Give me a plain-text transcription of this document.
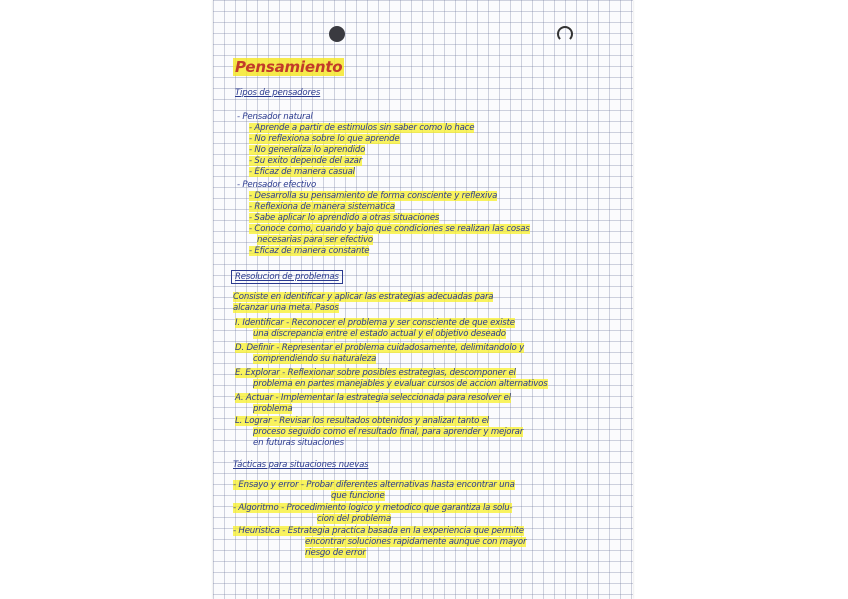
Pensamiento
Tipos de pensadores
- Pensador natural
- Aprende a partir de estimulos sin saber como lo hace
- No reflexiona sobre lo que aprende
- No generaliza lo aprendido
- Su exito depende del azar
- Eficaz de manera casual
- Pensador efectivo
- Desarrolla su pensamiento de forma consciente y reflexiva
- Reflexiona de manera sistematica
- Sabe aplicar lo aprendido a otras situaciones
- Conoce como, cuando y bajo que condiciones se realizan las cosas
necesarias para ser efectivo
- Eficaz de manera constante
Resolucion de problemas
Consiste en identificar y aplicar las estrategias adecuadas para
alcanzar una meta. Pasos
I. Identificar - Reconocer el problema y ser consciente de que existe
una discrepancia entre el estado actual y el objetivo deseado
D. Definir - Representar el problema cuidadosamente, delimitandolo y
comprendiendo su naturaleza
E. Explorar - Reflexionar sobre posibles estrategias, descomponer el
problema en partes manejables y evaluar cursos de accion alternativos
A. Actuar - Implementar la estrategia seleccionada para resolver el
problema
L. Lograr - Revisar los resultados obtenidos y analizar tanto el
proceso seguido como el resultado final, para aprender y mejorar
en futuras situaciones
Tácticas para situaciones nuevas
- Ensayo y error - Probar diferentes alternativas hasta encontrar una
que funcione
- Algoritmo - Procedimiento logico y metodico que garantiza la solu-
cion del problema
- Heuristica - Estrategia practica basada en la experiencia que permite
encontrar soluciones rapidamente aunque con mayor
riesgo de error
